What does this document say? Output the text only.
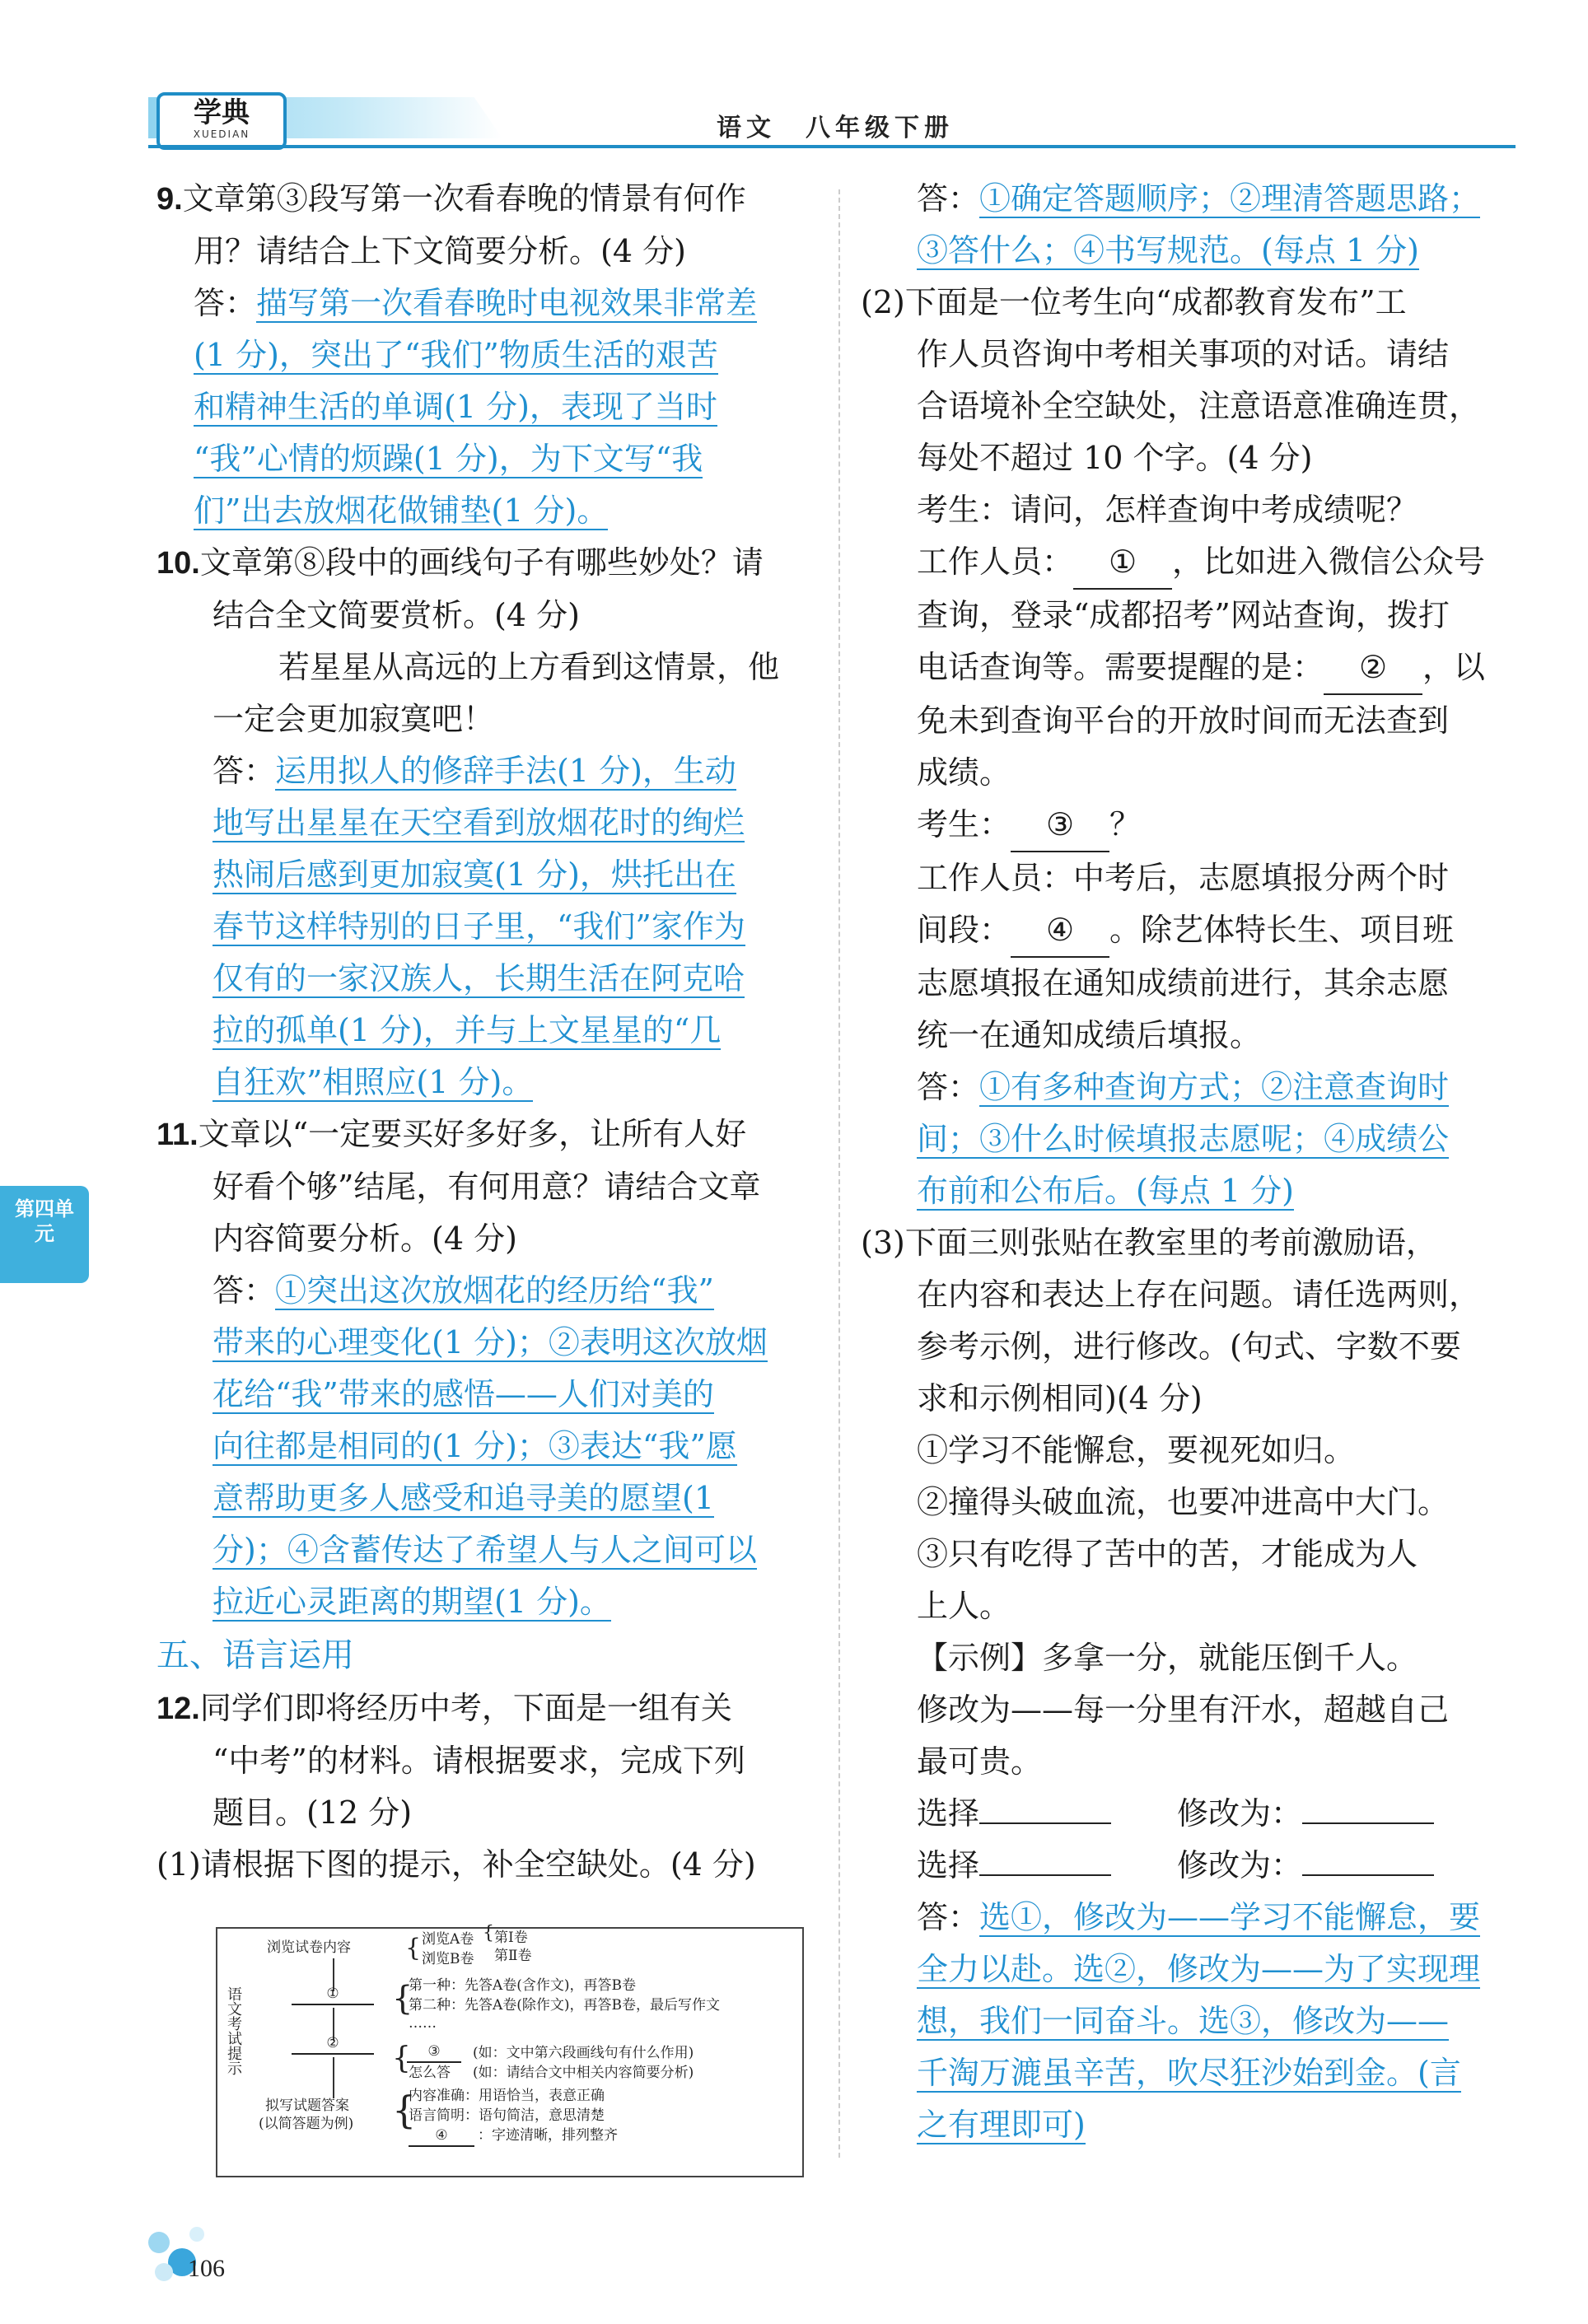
学典
XUEDIAN	语文　八年级下册
第四单元
9.文章第③段写第一次看春晚的情景有何作
用？请结合上下文简要分析。(4 分)
答：描写第一次看春晚时电视效果非常差
(1 分)，突出了“我们”物质生活的艰苦
和精神生活的单调(1 分)，表现了当时
“我”心情的烦躁(1 分)，为下文写“我
们”出去放烟花做铺垫(1 分)。
10.文章第⑧段中的画线句子有哪些妙处？请
结合全文简要赏析。(4 分)
若星星从高远的上方看到这情景，他
一定会更加寂寞吧！
答：运用拟人的修辞手法(1 分)，生动
地写出星星在天空看到放烟花时的绚烂
热闹后感到更加寂寞(1 分)，烘托出在
春节这样特别的日子里，“我们”家作为
仅有的一家汉族人，长期生活在阿克哈
拉的孤单(1 分)，并与上文星星的“几
自狂欢”相照应(1 分)。
11.文章以“一定要买好多好多，让所有人好
好看个够”结尾，有何用意？请结合文章
内容简要分析。(4 分)
答：①突出这次放烟花的经历给“我”
带来的心理变化(1 分)；②表明这次放烟
花给“我”带来的感悟——人们对美的
向往都是相同的(1 分)；③表达“我”愿
意帮助更多人感受和追寻美的愿望(1
分)；④含蓄传达了希望人与人之间可以
拉近心灵距离的期望(1 分)。
五、语言运用
12.同学们即将经历中考，下面是一组有关
“中考”的材料。请根据要求，完成下列
题目。(12 分)
(1)请根据下图的提示，补全空缺处。(4 分)
语文考试提示
浏览试卷内容 { 浏览A卷
浏览B卷
{ 第Ⅰ卷
第Ⅱ卷
①	{
第一种：先答A卷(含作文)，再答B卷
第二种：先答A卷(除作文)，再答B卷，最后写作文
……
②	{	③	(如：文中第六段画线句有什么作用)
怎么答 (如：请结合文中相关内容简要分析)
拟写试题答案
(以简答题为例) {
内容准确：用语恰当，表意正确
语言简明：语句简洁，意思清楚
④	：字迹清晰，排列整齐
答：①确定答题顺序；②理清答题思路；
③答什么；④书写规范。(每点 1 分)
(2)下面是一位考生向“成都教育发布”工
作人员咨询中考相关事项的对话。请结
合语境补全空缺处，注意语意准确连贯，
每处不超过 10 个字。(4 分)
考生：请问，怎样查询中考成绩呢？
工作人员： ① ，比如进入微信公众号
查询，登录“成都招考”网站查询，拨打
电话查询等。需要提醒的是： ② ，以
免未到查询平台的开放时间而无法查到
成绩。
考生： ③ ？
工作人员：中考后，志愿填报分两个时
间段： ④ 。除艺体特长生、项目班
志愿填报在通知成绩前进行，其余志愿
统一在通知成绩后填报。
答：①有多种查询方式；②注意查询时
间；③什么时候填报志愿呢；④成绩公
布前和公布后。(每点 1 分)
(3)下面三则张贴在教室里的考前激励语，
在内容和表达上存在问题。请任选两则，
参考示例，进行修改。(句式、字数不要
求和示例相同)(4 分)
①学习不能懈怠，要视死如归。
②撞得头破血流，也要冲进高中大门。
③只有吃得了苦中的苦，才能成为人
上人。
【示例】多拿一分，就能压倒千人。
修改为——每一分里有汗水，超越自己
最可贵。
选择	修改为：
选择	修改为：
答：选①，修改为——学习不能懈怠，要
全力以赴。选②，修改为——为了实现理
想，我们一同奋斗。选③，修改为——
千淘万漉虽辛苦，吹尽狂沙始到金。(言
之有理即可)
106
